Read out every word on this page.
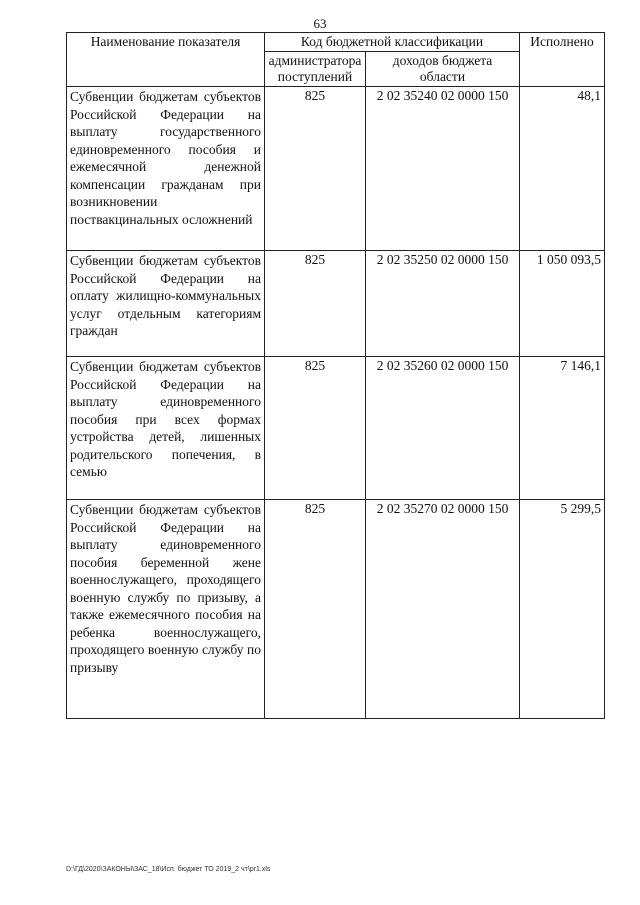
63
Наименование показателя	Код бюджетной классификации		Исполнено
	администратора поступлений	доходов бюджета области	
Субвенции бюджетам субъектов Российской Федерации на выплату государственного единовременного пособия и ежемесячной денежной компенсации гражданам при возникновении поствакцинальных осложнений	825	2 02 35240 02 0000 150	48,1
Субвенции бюджетам субъектов Российской Федерации на оплату жилищно-коммунальных услуг отдельным категориям граждан	825	2 02 35250 02 0000 150	1 050 093,5
Субвенции бюджетам субъектов Российской Федерации на выплату единовременного пособия при всех формах устройства детей, лишенных родительского попечения, в семью	825	2 02 35260 02 0000 150	7 146,1
Субвенции бюджетам субъектов Российской Федерации на выплату единовременного пособия беременной жене военнослужащего, проходящего военную службу по призыву, а также ежемесячного пособия на ребенка военнослужащего, проходящего военную службу по призыву	825	2 02 35270 02 0000 150	5 299,5
D:\ГД\2020\ЗАКОНЫ\ЗАС_18\Исп. бюджет ТО 2019_2 чт\pr1.xls
